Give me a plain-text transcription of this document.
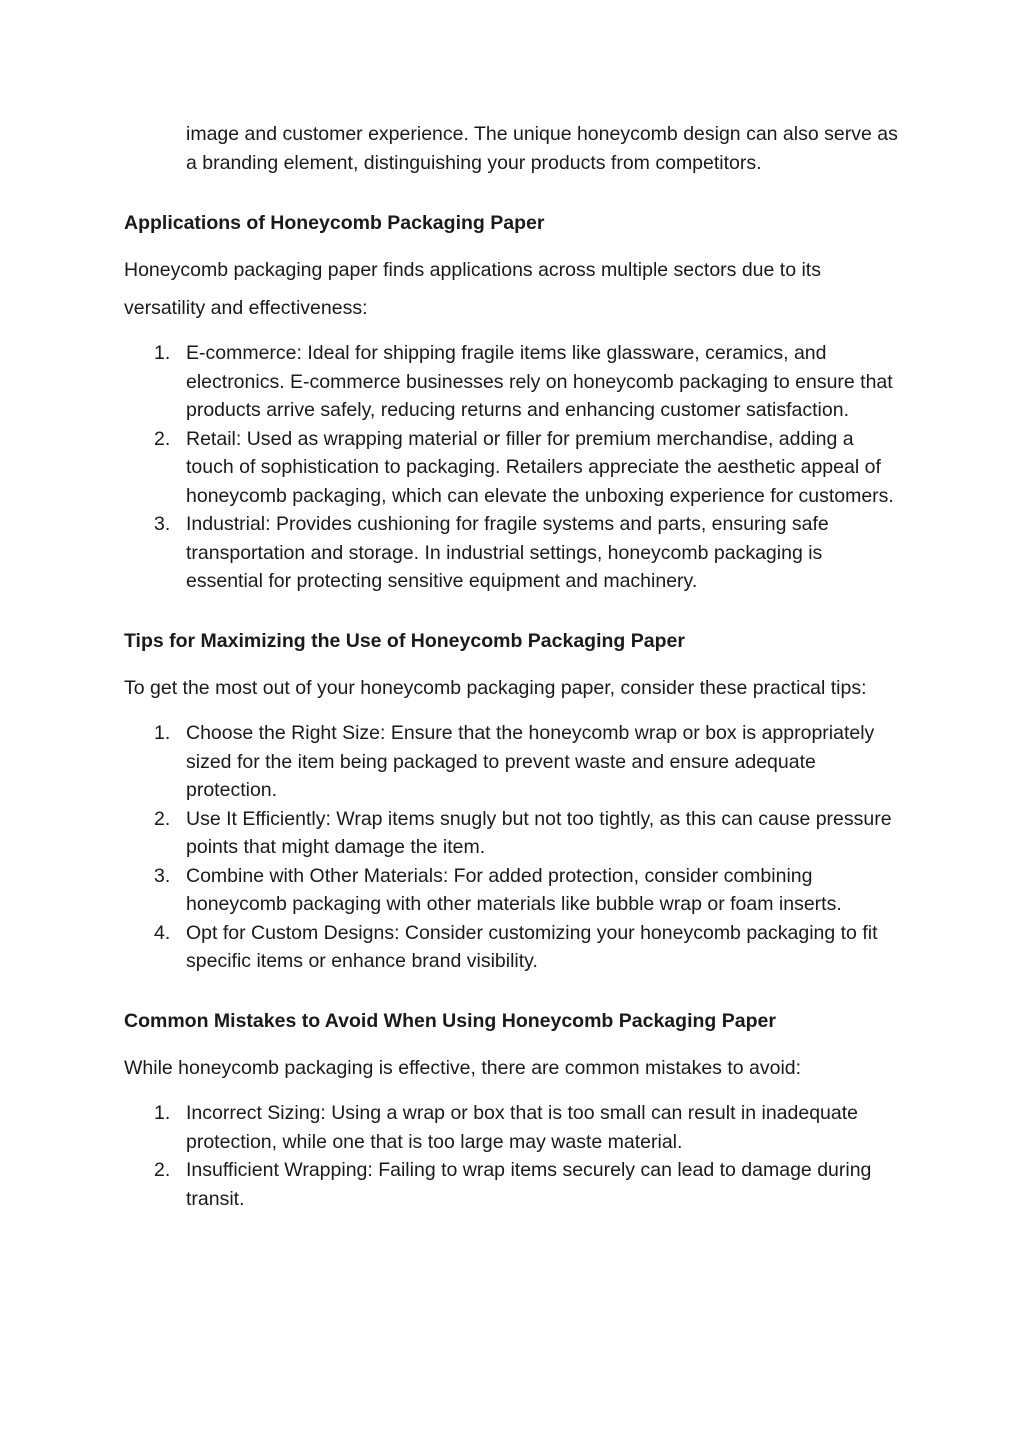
image and customer experience. The unique honeycomb design can also serve as a branding element, distinguishing your products from competitors.
Applications of Honeycomb Packaging Paper

Honeycomb packaging paper finds applications across multiple sectors due to its versatility and effectiveness:

1. E-commerce: Ideal for shipping fragile items like glassware, ceramics, and electronics. E-commerce businesses rely on honeycomb packaging to ensure that products arrive safely, reducing returns and enhancing customer satisfaction.
2. Retail: Used as wrapping material or filler for premium merchandise, adding a touch of sophistication to packaging. Retailers appreciate the aesthetic appeal of honeycomb packaging, which can elevate the unboxing experience for customers.
3. Industrial: Provides cushioning for fragile systems and parts, ensuring safe transportation and storage. In industrial settings, honeycomb packaging is essential for protecting sensitive equipment and machinery.
Tips for Maximizing the Use of Honeycomb Packaging Paper

To get the most out of your honeycomb packaging paper, consider these practical tips:

1. Choose the Right Size: Ensure that the honeycomb wrap or box is appropriately sized for the item being packaged to prevent waste and ensure adequate protection.
2. Use It Efficiently: Wrap items snugly but not too tightly, as this can cause pressure points that might damage the item.
3. Combine with Other Materials: For added protection, consider combining honeycomb packaging with other materials like bubble wrap or foam inserts.
4. Opt for Custom Designs: Consider customizing your honeycomb packaging to fit specific items or enhance brand visibility.
Common Mistakes to Avoid When Using Honeycomb Packaging Paper

While honeycomb packaging is effective, there are common mistakes to avoid:

1. Incorrect Sizing: Using a wrap or box that is too small can result in inadequate protection, while one that is too large may waste material.
2. Insufficient Wrapping: Failing to wrap items securely can lead to damage during transit.
